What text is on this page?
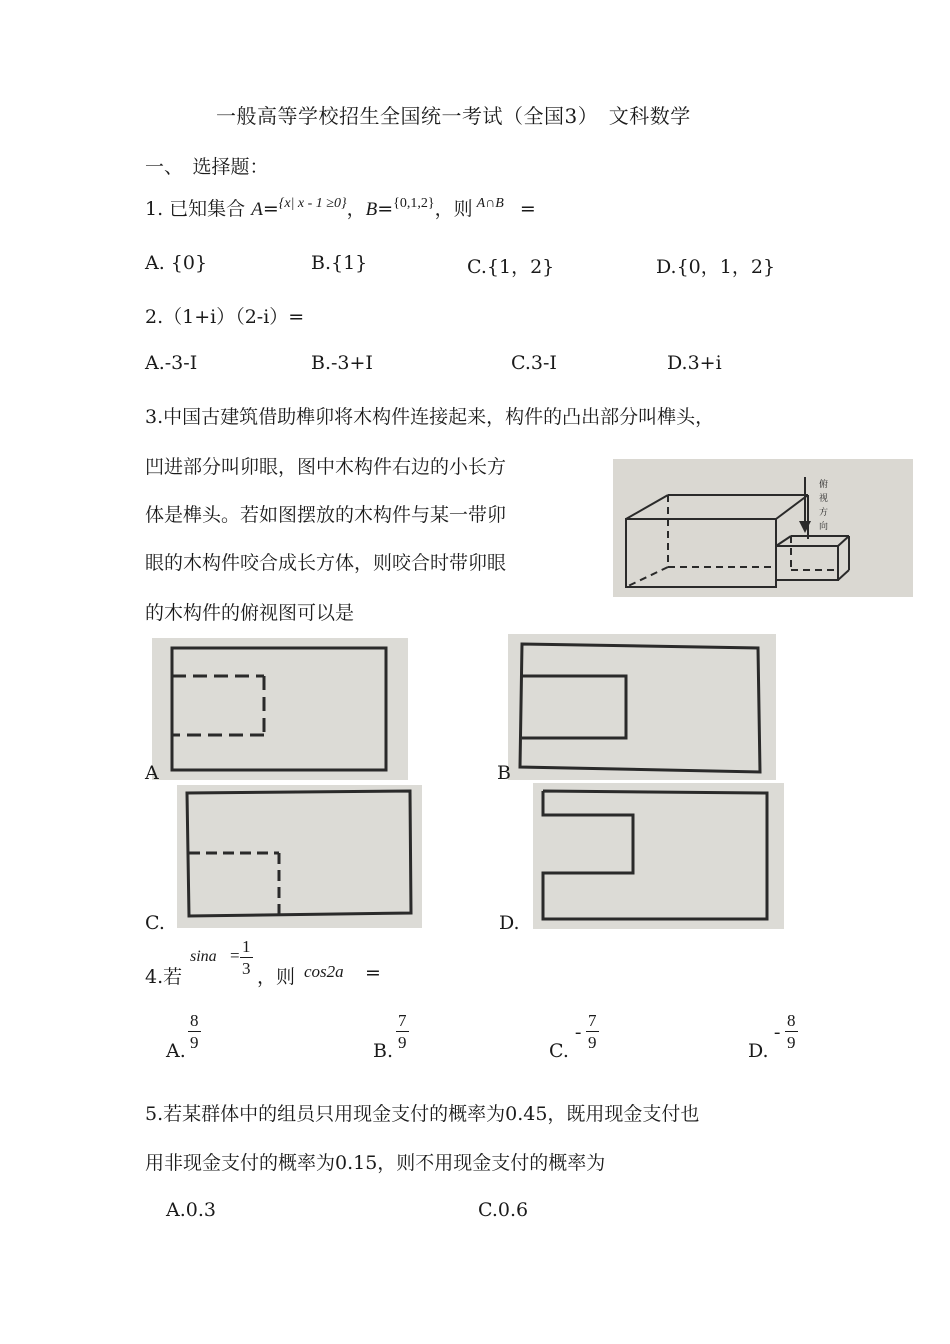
一般高等学校招生全国统一考试（全国3）　文科数学
一、　选择题：
1. 已知集合 A=$^{\{x| x - 1 \ge 0\}}$，B=$^{\{0,1,2\}}$，则 $^{A\cap B}$ =
A. {0}	B.{1}	C.{1，2}	D.{0，1，2}
2.（1+i）（2-i）=
A.-3-I	B.-3+I	C.3-I	D.3+i
3.中国古建筑借助榫卯将木构件连接起来，构件的凸出部分叫榫头，
凹进部分叫卯眼，图中木构件右边的小长方
体是榫头。若如图摆放的木构件与某一带卯
眼的木构件咬合成长方体，则咬合时带卯眼
的木构件的俯视图可以是
俯
视
方
向
A	B
C.	D.
4.若
sina = 1
3 ，则 cos2a =
A.
8
9	B.
7
9	C.
-
7
9	D.
-
8
9
5.若某群体中的组员只用现金支付的概率为0.45，既用现金支付也
用非现金支付的概率为0.15，则不用现金支付的概率为
A.0.3	C.0.6
